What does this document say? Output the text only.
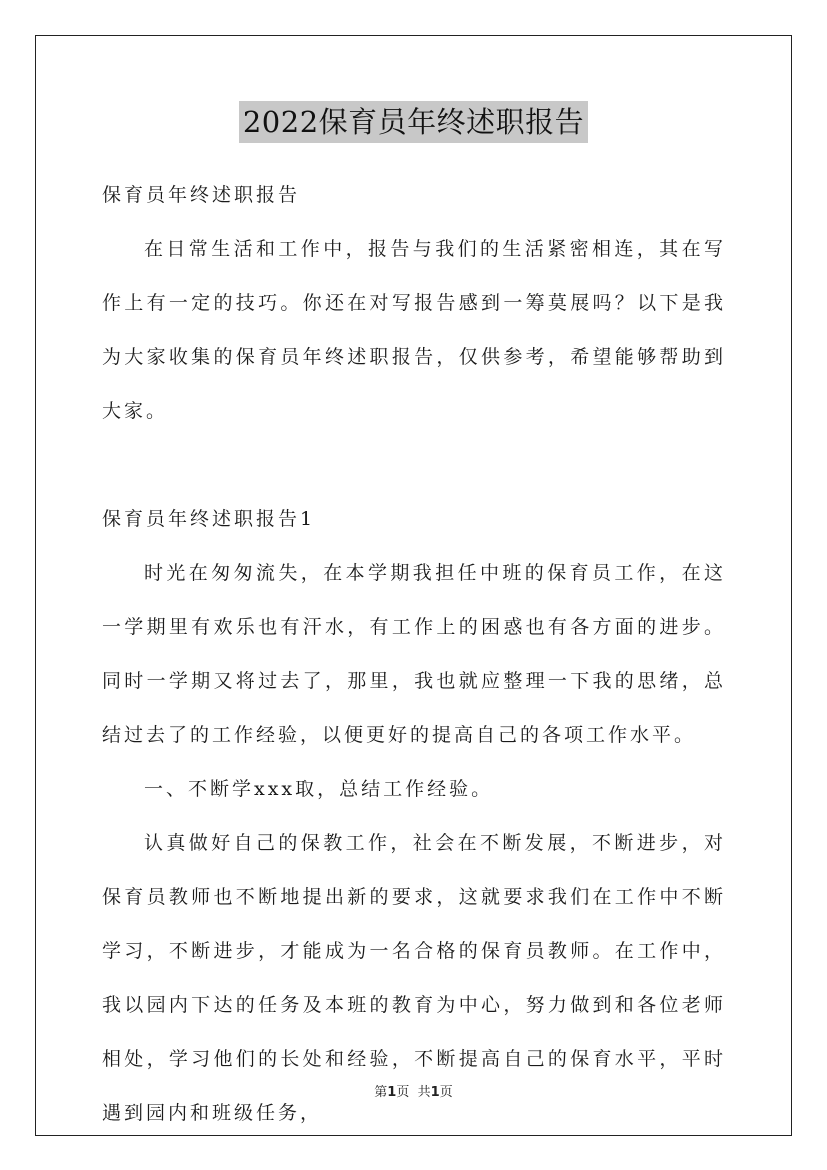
2022保育员年终述职报告

保育员年终述职报告

在日常生活和工作中，报告与我们的生活紧密相连，其在写作上有一定的技巧。你还在对写报告感到一筹莫展吗？以下是我为大家收集的保育员年终述职报告，仅供参考，希望能够帮助到大家。

保育员年终述职报告1

时光在匆匆流失，在本学期我担任中班的保育员工作，在这一学期里有欢乐也有汗水，有工作上的困惑也有各方面的进步。同时一学期又将过去了，那里，我也就应整理一下我的思绪，总结过去了的工作经验，以便更好的提高自己的各项工作水平。

一、不断学xxx取，总结工作经验。

认真做好自己的保教工作，社会在不断发展，不断进步，对保育员教师也不断地提出新的要求，这就要求我们在工作中不断学习，不断进步，才能成为一名合格的保育员教师。在工作中，我以园内下达的任务及本班的教育为中心，努力做到和各位老师相处，学习他们的长处和经验，不断提高自己的保育水平，平时遇到园内和班级任务，

第1页 共1页
